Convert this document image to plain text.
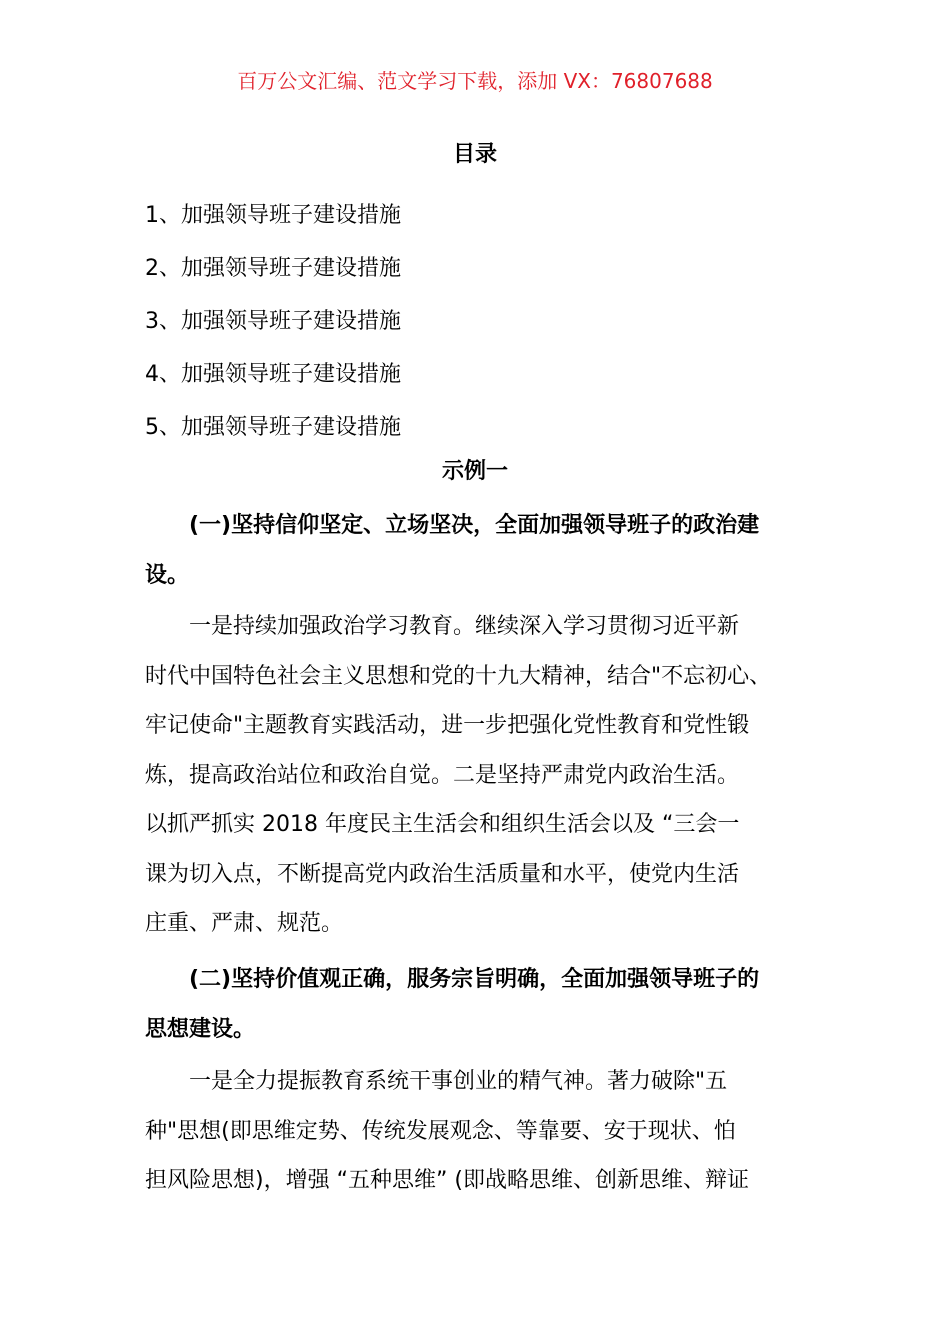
百万公文汇编、范文学习下载，添加 VX：76807688
目录
1、加强领导班子建设措施
2、加强领导班子建设措施
3、加强领导班子建设措施
4、加强领导班子建设措施
5、加强领导班子建设措施
示例一
(一)坚持信仰坚定、立场坚决，全面加强领导班子的政治建
设。
一是持续加强政治学习教育。继续深入学习贯彻习近平新
时代中国特色社会主义思想和党的十九大精神，结合"不忘初心、
牢记使命"主题教育实践活动，进一步把强化党性教育和党性锻
炼，提高政治站位和政治自觉。二是坚持严肃党内政治生活。
以抓严抓实 2018 年度民主生活会和组织生活会以及 “三会一
课为切入点，不断提高党内政治生活质量和水平，使党内生活
庄重、严肃、规范。
(二)坚持价值观正确，服务宗旨明确，全面加强领导班子的
思想建设。
一是全力提振教育系统干事创业的精气神。著力破除"五
种"思想(即思维定势、传统发展观念、等靠要、安于现状、怕
担风险思想)，增强 “五种思维” (即战略思维、创新思维、辩证
